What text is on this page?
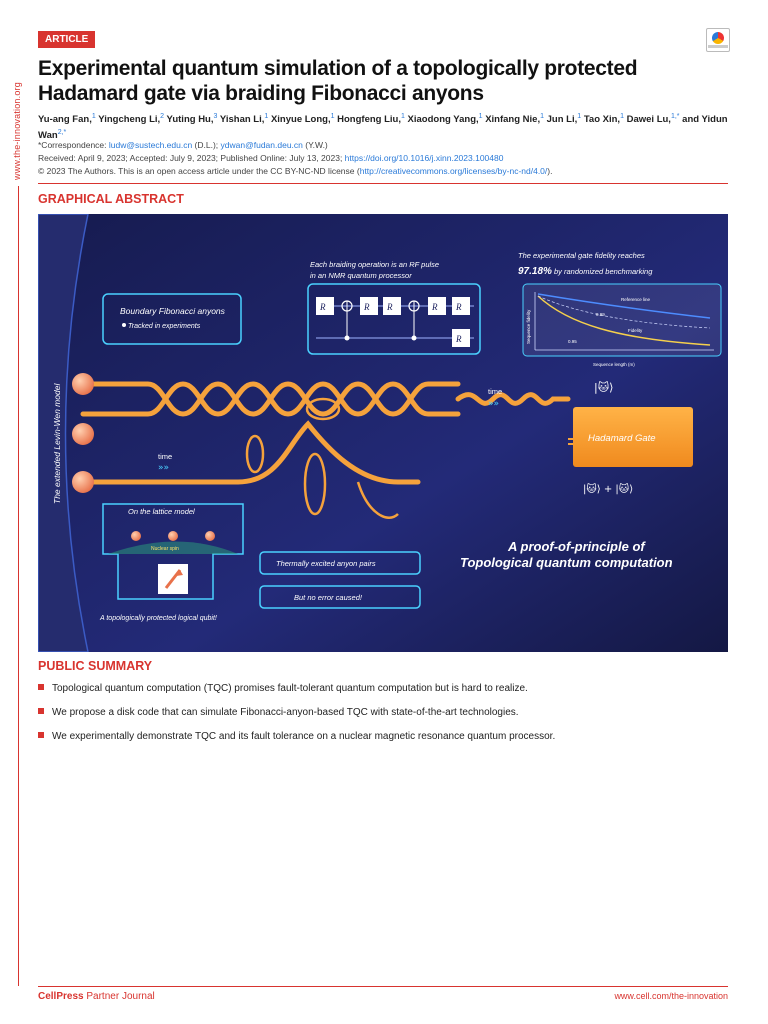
www.the-innovation.org
ARTICLE
Experimental quantum simulation of a topologically protected Hadamard gate via braiding Fibonacci anyons
Yu-ang Fan,$^1$ Yingcheng Li,$^2$ Yuting Hu,$^3$ Yishan Li,$^1$ Xinyue Long,$^1$ Hongfeng Liu,$^1$ Xiaodong Yang,$^1$ Xinfang Nie,$^1$ Jun Li,$^1$ Tao Xin,$^1$ Dawei Lu,$^{1,*}$ and Yidun Wan$^{2,*}$
*Correspondence: ludw@sustech.edu.cn (D.L.); ydwan@fudan.deu.cn (Y.W.)
Received: April 9, 2023; Accepted: July 9, 2023; Published Online: July 13, 2023; https://doi.org/10.1016/j.xinn.2023.100480
© 2023 The Authors. This is an open access article under the CC BY-NC-ND license (http://creativecommons.org/licenses/by-nc-nd/4.0/).
GRAPHICAL ABSTRACT
The extended Levin-Wen model
Boundary Fibonacci anyons
Tracked in experiments
Each braiding operation is an RF pulse
in an NMR quantum processor
R	R R	R R
R
The experimental gate fidelity reaches
97.18% by randomized benchmarking
Sequence fidelity
Reference line
0.99
Fidelity
0.95
Sequence length (m)
time
»»
time
»»
|🐱⟩
Hadamard Gate
|🐱⟩ + |🐱⟩
On the lattice model
Nuclear spin
A topologically protected logical qubit!
Thermally excited anyon pairs
But no error caused!
A proof-of-principle of
Topological quantum computation
PUBLIC SUMMARY
Topological quantum computation (TQC) promises fault-tolerant quantum computation but is hard to realize.
We propose a disk code that can simulate Fibonacci-anyon-based TQC with state-of-the-art technologies.
We experimentally demonstrate TQC and its fault tolerance on a nuclear magnetic resonance quantum processor.
CellPress Partner Journal	www.cell.com/the-innovation
